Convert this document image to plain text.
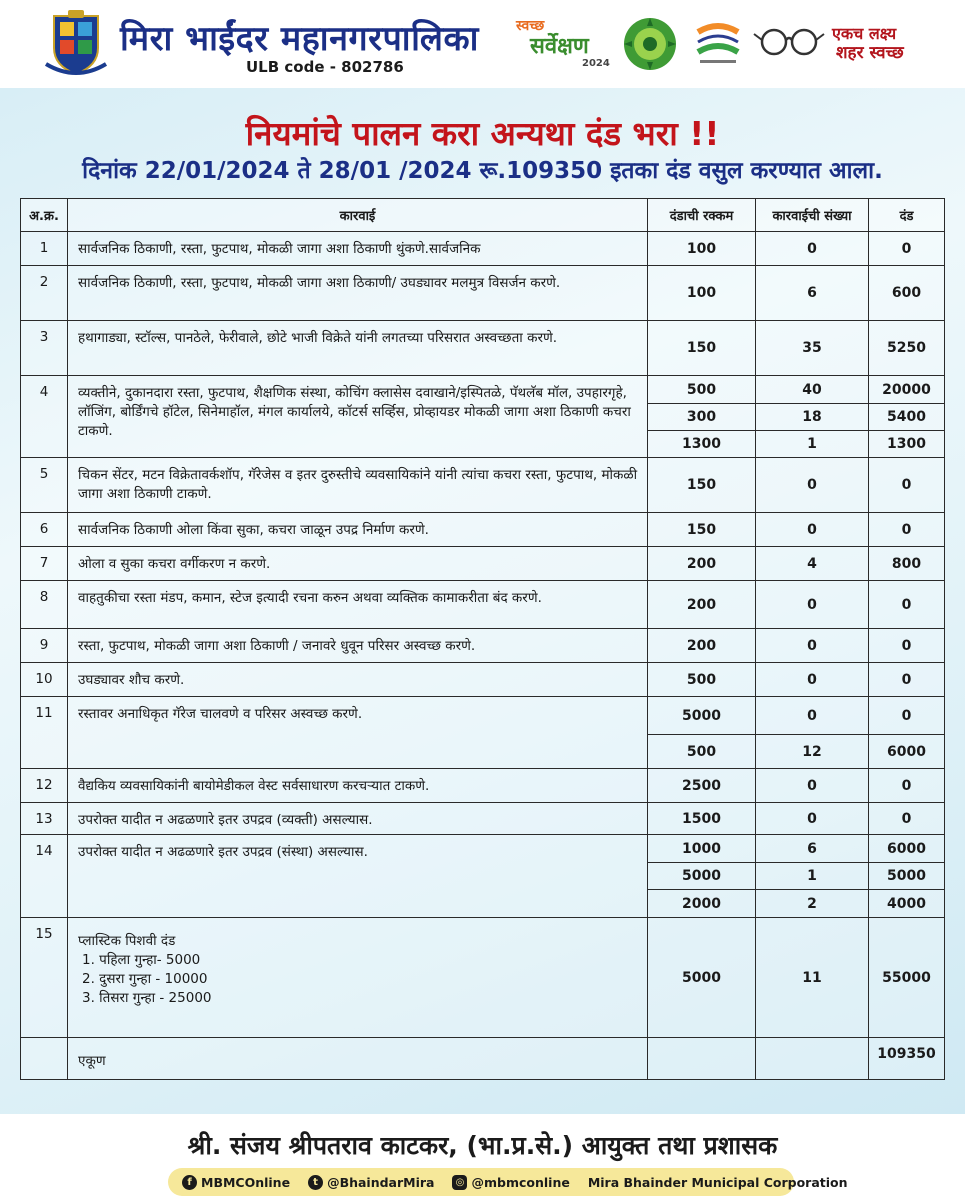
मिरा भाईंदर महानगरपालिका
ULB code - 802786
स्वच्छ
सर्वेक्षण
2024
एकच लक्ष्य
शहर स्वच्छ
नियमांचे पालन करा अन्यथा दंड भरा !!
दिनांक 22/01/2024 ते 28/01 /2024 रू.109350 इतका दंड वसुल करण्यात आला.
अ.क्र.	कारवाई	दंडाची रक्कम	कारवाईची संख्या	दंड
1	सार्वजनिक ठिकाणी, रस्ता, फुटपाथ, मोकळी जागा अशा ठिकाणी थुंकणे.सार्वजनिक	100	0	0
2	सार्वजनिक ठिकाणी, रस्ता, फुटपाथ, मोकळी जागा अशा ठिकाणी/ उघड्यावर मलमुत्र विसर्जन करणे.	100	6	600
3	हथागाड्या, स्टॉल्स, पानठेले, फेरीवाले, छोटे भाजी विक्रेते यांनी लगतच्या परिसरात अस्वच्छता करणे.	150	35	5250
4	व्यक्तीने, दुकानदारा रस्ता, फुटपाथ, शैक्षणिक संस्था, कोचिंग क्लासेस दवाखाने/इस्पितळे, पॅथलॅब मॉल, उपहारगृहे, लॉजिंग, बोर्डिंगचे हॉटेल, सिनेमाहॉल, मंगल कार्यालये, कॉटर्स सर्व्हिस, प्रोव्हायडर मोकळी जागा अशा ठिकाणी कचरा टाकणे.	500	40	20000
		300	18	5400
		1300	1	1300
5	चिकन सेंटर, मटन विक्रेतावर्कशॉप, गॅरेजेस व इतर दुरुस्तीचे व्यवसायिकांने यांनी त्यांचा कचरा रस्ता, फुटपाथ, मोकळी जागा अशा ठिकाणी टाकणे.	150	0	0
6	सार्वजनिक ठिकाणी ओला किंवा सुका, कचरा जाळून उपद्र निर्माण करणे.	150	0	0
7	ओला व सुका कचरा वर्गीकरण न करणे.	200	4	800
8	वाहतुकीचा रस्ता मंडप, कमान, स्टेज इत्यादी रचना करुन अथवा व्यक्तिक कामाकरीता बंद करणे.	200	0	0
9	रस्ता, फुटपाथ, मोकळी जागा अशा ठिकाणी / जनावरे धुवून परिसर अस्वच्छ करणे.	200	0	0
10	उघड्यावर शौच करणे.	500	0	0
11	रस्तावर अनाधिकृत गॅरेज चालवणे व परिसर अस्वच्छ करणे.	5000	0	0
		500	12	6000
12	वैद्यकिय व्यवसायिकांनी बायोमेडीकल वेस्ट सर्वसाधारण करचऱ्यात टाकणे.	2500	0	0
13	उपरोक्त यादीत न अढळणारे इतर उपद्रव (व्यक्ती) असल्यास.	1500	0	0
14	उपरोक्त यादीत न अढळणारे इतर उपद्रव (संस्था) असल्यास.	1000	6	6000
		5000	1	5000
		2000	2	4000
15	प्लास्टिक पिशवी दंड
1. पहिला गुन्हा- 5000
2. दुसरा गुन्हा - 10000
3. तिसरा गुन्हा - 25000	5000	11	55000
	एकूण			109350
श्री. संजय श्रीपतराव काटकर, (भा.प्र.से.) आयुक्त तथा प्रशासक
f MBMCOnline	t @BhaindarMira	◎ @mbmconline Mira Bhainder Municipal Corporation
